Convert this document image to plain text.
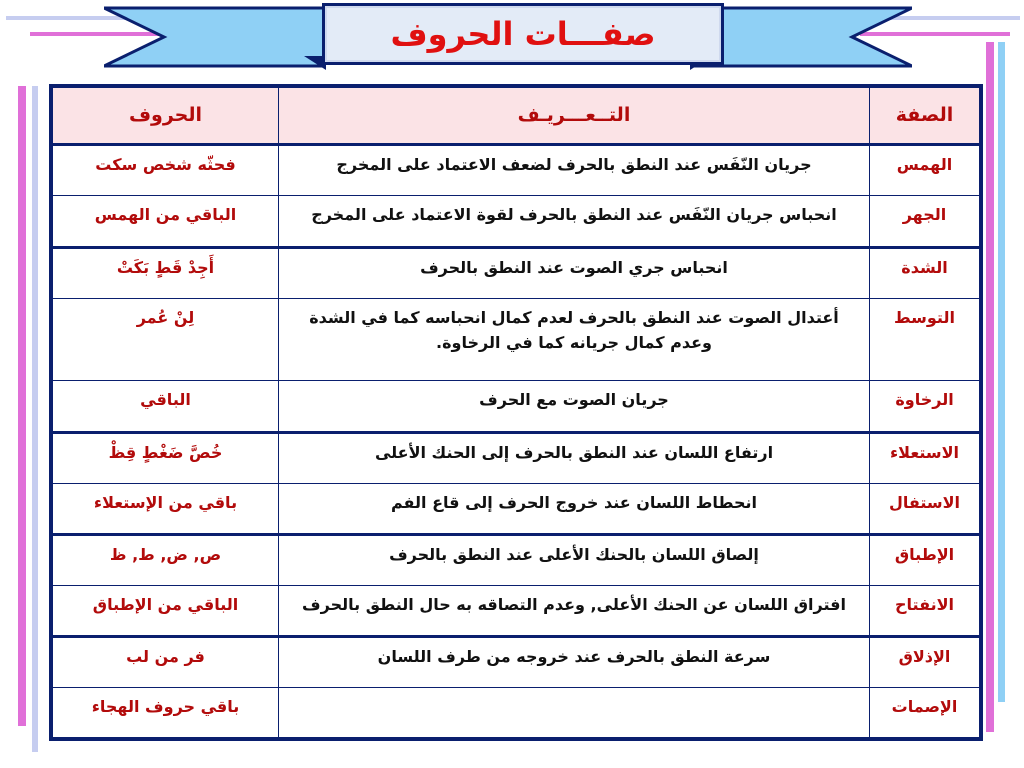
صفـــات الحروف
الصفة	التــعـــريـف	الحروف
الهمس	جريان النّفَس عند النطق بالحرف لضعف الاعتماد على المخرج	فحثّه شخص سكت
الجهر	انحباس جريان النّفَس عند النطق بالحرف لقوة الاعتماد على المخرج	الباقي من الهمس
الشدة	انحباس جري الصوت عند النطق بالحرف	أَجِدْ قَطٍ بَكَتْ
التوسط	أعتدال الصوت عند النطق بالحرف لعدم كمال انحباسه كما في الشدة وعدم كمال جريانه كما في الرخاوة.	لِنْ عُمر
الرخاوة	جريان الصوت مع الحرف	الباقي
الاستعلاء	ارتفاع اللسان عند النطق بالحرف إلى الحنك الأعلى	خُصَّ ضَغْطٍ قِظْ
الاستفال	انحطاط اللسان عند خروج الحرف إلى قاع الفم	باقي من الإستعلاء
الإطباق	إلصاق اللسان بالحنك الأعلى عند النطق بالحرف	ص, ض, ط, ظ
الانفتاح	افتراق اللسان عن الحنك الأعلى, وعدم التصاقه به حال النطق بالحرف	الباقي من الإطباق
الإذلاق	سرعة النطق بالحرف عند خروجه من طرف اللسان	فر من لب
الإصمات		باقي حروف الهجاء
